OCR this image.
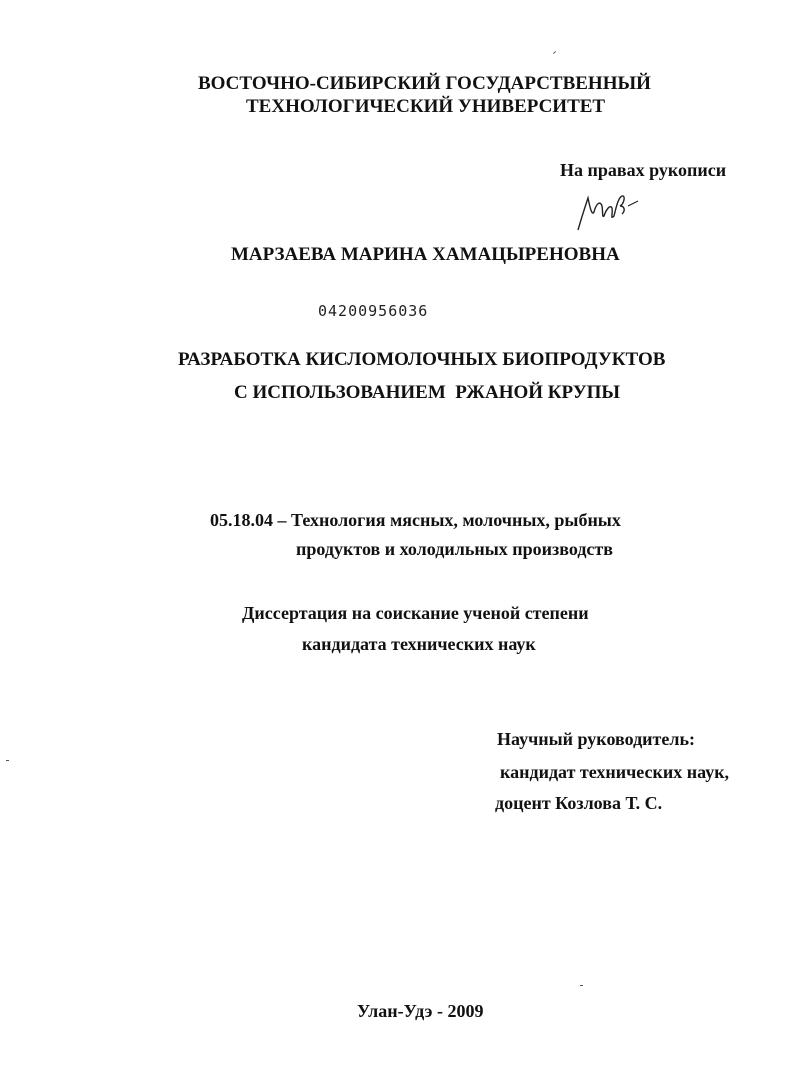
ВОСТОЧНО-СИБИРСКИЙ ГОСУДАРСТВЕННЫЙ
ТЕХНОЛОГИЧЕСКИЙ УНИВЕРСИТЕТ
На правах рукописи
МАРЗАЕВА МАРИНА ХАМАЦЫРЕНОВНА
04200956036
РАЗРАБОТКА КИСЛОМОЛОЧНЫХ БИОПРОДУКТОВ
С ИСПОЛЬЗОВАНИЕМ  РЖАНОЙ КРУПЫ
05.18.04 – Технология мясных, молочных, рыбных
продуктов и холодильных производств
Диссертация на соискание ученой степени
кандидата технических наук
Научный руководитель:
кандидат технических наук,
доцент Козлова Т. С.
Улан-Удэ - 2009
